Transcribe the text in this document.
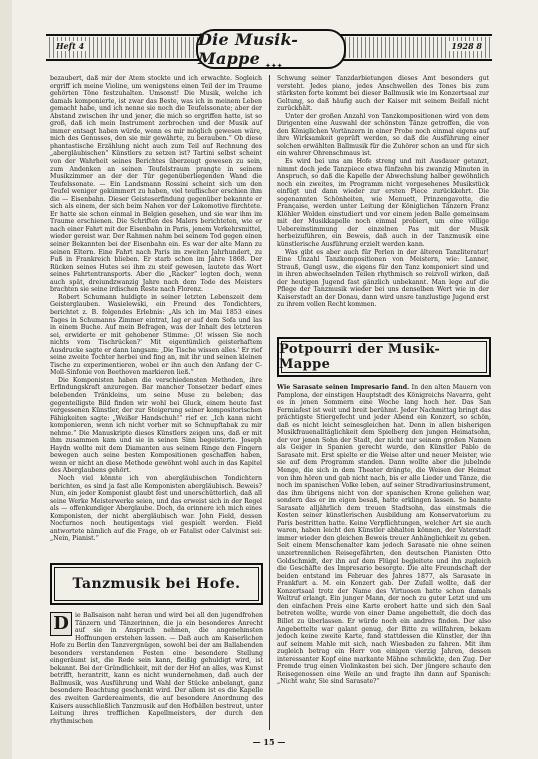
Heft 4	Die Musik-Mappe
1928 8
✦✦✦

bezaubert, daß mir der Atem stockte und ich erwachte. Sogleich ergriff ich meine Violine, um wenigstens einen Teil der im Traume gehörten Töne festzuhalten. Umsonst! Die Musik, welche ich damals komponierte, ist zwar das Beste, was ich in meinem Leben gemacht habe, und ich nenne sie noch die Teufelssonate; aber der Abstand zwischen ihr und jener, die mich so ergriffen hatte, ist so groß, daß ich mein Instrument zerbrochen und der Musik auf immer entsagt haben würde, wenn es mir möglich gewesen wäre, mich des Genusses, den sie mir gewährte, zu berauben.“ Ob diese phantastische Erzählung nicht auch zum Teil auf Rechnung des „abergläubischen“ Künstlers zu setzen ist? Tartini selbst scheint von der Wahrheit seines Berichtes überzeugt gewesen zu sein, zum Andenken an seinen Teufelstraum prangte in seinem Musikzimmer an der der Tür gegenüberliegenden Wand die Teufelssonate. — Ein Landsmann Rossini scheint sich um den Teufel weniger gekümmert zu haben, viel teuflischer erschien ihm die — Eisenbahn. Dieser Geisteserfindung gegenüber bekannte er sich als einem, der sich beim Nahen vor der Lokomotive fürchtete. Er hatte sie schon einmal in Belgien gesehen, und sie war ihm im Traume erschienen. Die Schriften des Malers berichteten, wie er nach einer Fahrt mit der Eisenbahn in Paris, jenem Verkehrsmittel, wieder gereist war. Der Rahmen nahm bei seinem Tod gegen einen seiner Bekannten bei der Eisenbahn ein. Es war der alte Mann zu seinen Eltern. Eine Fahrt nach Paris im zweiten Jahrhundert, zu Fuß in Frankreich blieben. Er starb schon im Jahre 1868. Der Rücken seines Hutes sei ihm zu steif gewesen, lautete das Wort seines Fahrtentransports. Aber die „Racker“ legten doch, wenn auch spät, dreiundzwanzig Jahre nach dem Tode des Meisters brachten sie seine irdischen Reste nach Florenz.

Robert Schumann huldigte in seiner letzten Lebenszeit dem Geisterglauben. Wasielewski, ein Freund des Tondichters, berichtet z. B. folgendes Erlebnis: „Als ich im Mai 1853 eines Tages in Schumanns Zimmer eintrat, lag er auf dem Sofa und las in einem Buche. Auf mein Befragen, was der Inhalt des letzteren sei, erwiderte er mit gehobener Stimme: ‚O! wissen Sie noch nichts vom Tischrücken?‘ Mit eigentümlich geisterhaftem Ausdrucke sagte er dann langsam: ‚Die Tische wissen alles.‘ Er rief seine zweite Tochter herbei und fing an, mit ihr und seinen kleinen Tische zu experimentieren, wobei er ihn auch den Anfang der C-Moll-Sinfonie von Beethoven markieren ließ.“

Die Komponisten haben die verschiedensten Methoden, ihre Erfindungskraft anzuregen. Bar mancher Tonsetzer bedarf eines belebenden Tränkleins, um seine Muse zu beleben; das gegenteiligste Bild finden wir wohl bei Gluck, einem heute fast vergessenen Künstler, der zur Steigerung seiner kompositorischen Fähigkeiten sagte: „Weißer Handschuh!“ rief er. „Ich kann nicht komponieren, wenn ich nicht vorher mit so Schnupftabak zu mir nehme.“ Die Manuskripte dieses Künstlers zeigen uns, daß er mit ihm zusammen kam und sie in seinen Sinn begeisterte. Joseph Haydn wollte mit dem Diamanten aus seinem Ringe den Fingern bewegen auch seine besten Kompositionen geschaffen haben, wenn er nicht an diese Methode gewöhnt wohl auch in das Kapitel des Aberglaubens gehört.

Noch viel könnte ich von abergläubischen Tondichtern berichten, es sind ja fast alle Komponisten abergläubisch. Beweis? Nun, ein jeder Komponist glaubt fest und unerschütterlich, daß all seine Werke Meisterwerke seien, und das erweist sich in der Regel als — offenkundiger Aberglaube. Doch, da erinnere ich mich eines Komponisten, der nicht abergläubisch war. John Field, dessen Nocturnos noch heutigentags viel gespielt werden. Field antwortete nämlich auf die Frage, ob er Fatalist oder Calvinist sei: „Nein, Pianist.“

Tanzmusik bei Hofe.
D	ie Ballsaison naht heran und wird bei all den jugendfrohen Tänzern und Tänzerinnen, die ja ein besonderes Anrecht auf sie in Anspruch nehmen, die angenehmsten Hoffnungen erstehen lassen. — Daß auch am Kaiserlichen Hofe zu Berlin den Tanzvergnügen, sowohl bei der am Ballabenden besonders verstandenen Festen eine besondere Stellung eingeräumt ist, die Rede sein kann, fleißig gehuldigt wird, ist bekannt. Bei der Gründlichkeit, mit der der Hof an alles, was Kunst betrifft, herantritt, kann es nicht wundernehmen, daß auch der Ballmusik, was Ausführung und Wahl der Stücke anbelangt, ganz besondere Beachtung geschenkt wird. Der allem ist es die Kapelle des zweiten Gardereaiments, die auf besondere Anordnung des Kaisers ausschließlich Tanzmusik auf den Hofbällen bestreut, unter Leitung ihres trefflichen Kapellmeisters, der durch den rhythmischen

Schwung seiner Tanzdarbietungen dieses Amt besonders gut versteht. Jedes piano, jedes Anschwellen des Tones bis zum stärksten forte kommt bei dieser Ballmusik wie im Konzertsaal zur Geltung, so daß häufig auch der Kaiser mit seinem Beifall nicht zurückhält.

Unter der großen Anzahl von Tanzkompositionen wird von dem Dirigenten eine Auswahl der schönsten Tänze getroffen, die von den Königlichen Vortänzern in einer Probe noch einmal eigens auf ihre Wirksamkeit geprüft werden, so daß die Ausführung einer solchen erwählten Ballmusik für die Zuhörer schon an und für sich ein wahrer Ohrenschmaus ist.

Es wird bei uns am Hofe streng und mit Ausdauer getanzt, nimmt doch jede Tanzpiece etwa fünfzehn bis zwanzig Minuten in Anspruch, so daß die Kapelle der Abwechslung halber gewöhnlich noch ein zweites, im Programm nicht vorgesehenes Musikstück einfügt und dann wieder zur ersten Piece zurückkehrt. Die sogenannten Schönheiten, wie Menuett, Prinzengavotte, die Française, werden unter Leitung der Königlichen Tänzern Franz Klöhler Wolden einstudiert und vor einem jeden Balle gemeinsam mit der Musikkapelle noch einmal probiert, um eine völlige Uebereinstimmung der einzelnen Pas mit der Musik herbeizuführen, ein Beweis, daß auch in der Tanzmusik eine künstlerische Ausführung erzielt werden kann.

Was gibt es aber auch für Perlen in der älteren Tanzliteratur! Eine Unzahl Tanzkompositionen von Meistern, wie: Lanner, Strauß, Gungl usw., die eigens für den Tanz komponiert sind und in ihren abwechselnden Teilen rhythmisch so reizvoll wirken, daß der heutigen Jugend fast gänzlich unbekannt. Man lege auf die Pflege der Tanzmusik wieder bei uns denselben Wert wie in der Kaiserstadt an der Donau, dann wird unsre tanzlustige Jugend erst zu ihrem vollen Recht kommen.

Potpourri der Musik-Mappe
Wie Sarasate seinen Impresario fand. In den alten Mauern von Pamplona, der einstigen Hauptstadt des Königreichs Navarra, geht es in jenen Sommern eine Woche lang hoch her. Das San Fermiafest ist weit und breit berühmt. Jeder Nachmittag bringt das prächtigste Stiergefecht und jeder Abend ein Konzert, so schön, daß es nicht leicht seinesgleichen hat. Denn in allen bisherigen Musikfrauenalltäglichkeit dem Spielberg den jungen Heimatsohn, der vor jenen Sohn der Stadt, der nicht nur seinem großen Namen als Geiger in Spanien gerecht wurde, den Künstler Pablo de Sarasate mit. Erst spielte er die Weise alter und neuer Meister, wie sie auf dem Programm standen. Dann wollte aber die jubelnde Menge, die sich in dem Theater drängte, die Weisen der Heimat von ihm hören und gab nicht nach, bis er alle Lieder und Tänze, die noch im spanischen Volke leben, auf seiner Stradivariusinstrument, das ihm übrigens nicht von der spanischen Krone geliehen war, sondern das er im eigen besaß, hatte erklingen lassen. So bannte Sarasate alljährlich dem treuen Stadtsohn, das einstmals die Kosten seiner künstlerischen Ausbildung am Konservatorium zu Paris bestritten hatte. Keine Verpflichtungen, welcher Art sie auch waren, haben leicht den Künstler abhalten können, der Vaterstadt immer wieder den gleichen Beweis treuer Anhänglichkeit zu geben. Seit einem Menschenalter kam jedoch Sarasate nie ohne seinen unzertrennlichen Reisegefährten, den deutschen Pianisten Otto Goldschmidt, der ihn auf dem Flügel begleitete und ihn zugleich die Geschäfte des Impresario besorgte. Die alte Freundschaft der beiden entstand im Februar des Jahres 1877, als Sarasate in Frankfurt a. M. ein Konzert gab. Der Zufall wollte, daß der Konzertsaal trotz der Name des Virtuosen hatte schon damals Weltruf erlangt. Ein junger Mann, der noch zu guter Letzt und um den einfachen Preis eine Karte erobert hatte und sich den Saal betreten wollte, wurde von einer Dame angebettelt, die doch das Billet zu überlassen. Er würde noch ein andres finden. Der also Angebettelte war galant genug, der Bitte zu willfahren, bekam jedoch keine zweite Karte, fand stattdessen die Künstler, der ihn auf seinem Mahle mit sich, nach Wiesbaden zu fahren. Mit ihm zugleich betrag ein Herr von einigen vierzig Jahren, dessen interessanter Kopf eine markante Mähne schmückte, den Zug. Der Fremde trug einen Violinkasten bei sich. Der jüngere schaute den Reisegenossen eine Weile an und fragte ihn dann auf Spanisch: „Nicht wahr, Sie sind Sarasate?“
— 15 —
